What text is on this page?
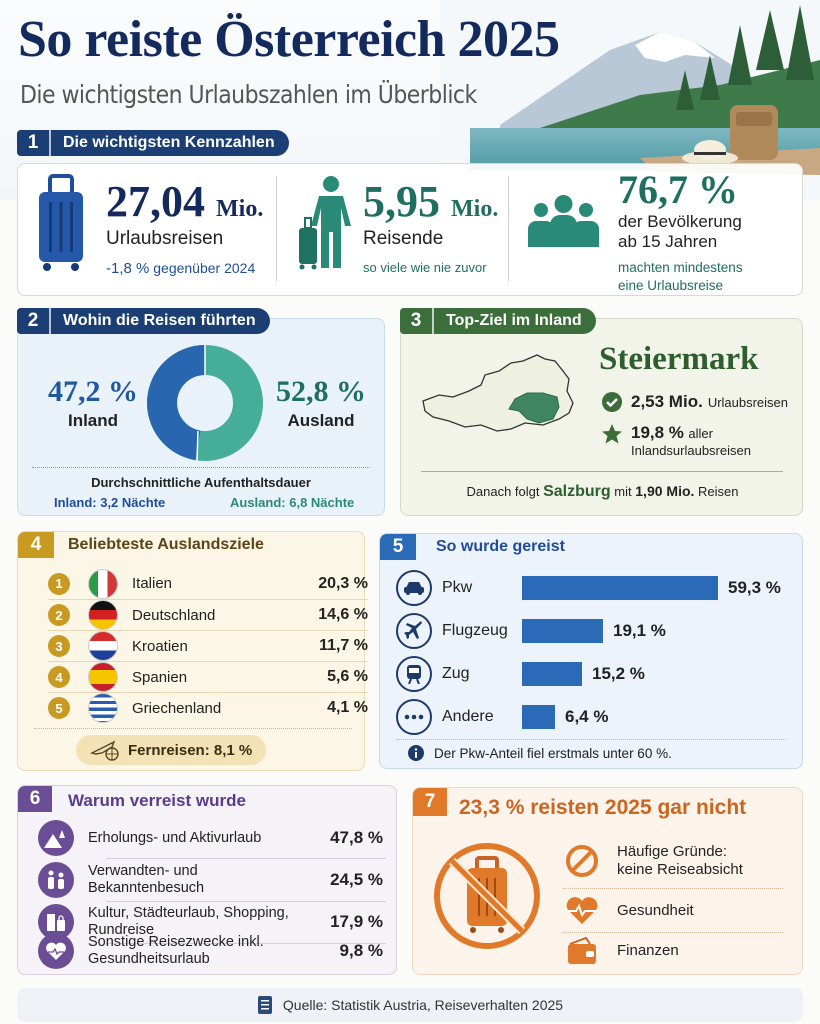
So reiste Österreich 2025
Die wichtigsten Urlaubszahlen im Überblick
27,04 Mio.
Urlaubsreisen
-1,8 % gegenüber 2024
5,95 Mio.
Reisende
so viele wie nie zuvor
76,7 %
der Bevölkerung
ab 15 Jahren
machten mindestens
eine Urlaubsreise
1	Die wichtigsten Kennzahlen
47,2 %
Inland
52,8 %
Ausland
Durchschnittliche Aufenthaltsdauer
Inland: 3,2 Nächte	Ausland: 6,8 Nächte
2	Wohin die Reisen führten
Steiermark
2,53 Mio. Urlaubsreisen
19,8 % aller
Inlandsurlaubsreisen
Danach folgt Salzburg mit 1,90 Mio. Reisen
3	Top-Ziel im Inland
4	Beliebteste Auslandsziele
1	Italien	20,3 %
2	Deutschland	14,6 %
3	Kroatien	11,7 %
4	Spanien	5,6 %
5	Griechenland	4,1 %
Fernreisen: 8,1 %
5	So wurde gereist
Pkw	59,3 %
Flugzeug	19,1 %
Zug	15,2 %
Andere	6,4 %
Der Pkw-Anteil fiel erstmals unter 60 %.
6	Warum verreist wurde
Erholungs- und Aktivurlaub	47,8 %
Verwandten- und
Bekanntenbesuch	24,5 %
Kultur, Städteurlaub, Shopping,
Rundreise	17,9 %
Sonstige Reisezwecke inkl.
Gesundheitsurlaub	9,8 %
7	23,3 % reisten 2025 gar nicht
Häufige Gründe:
keine Reiseabsicht
Gesundheit
Finanzen
Quelle: Statistik Austria, Reiseverhalten 2025
